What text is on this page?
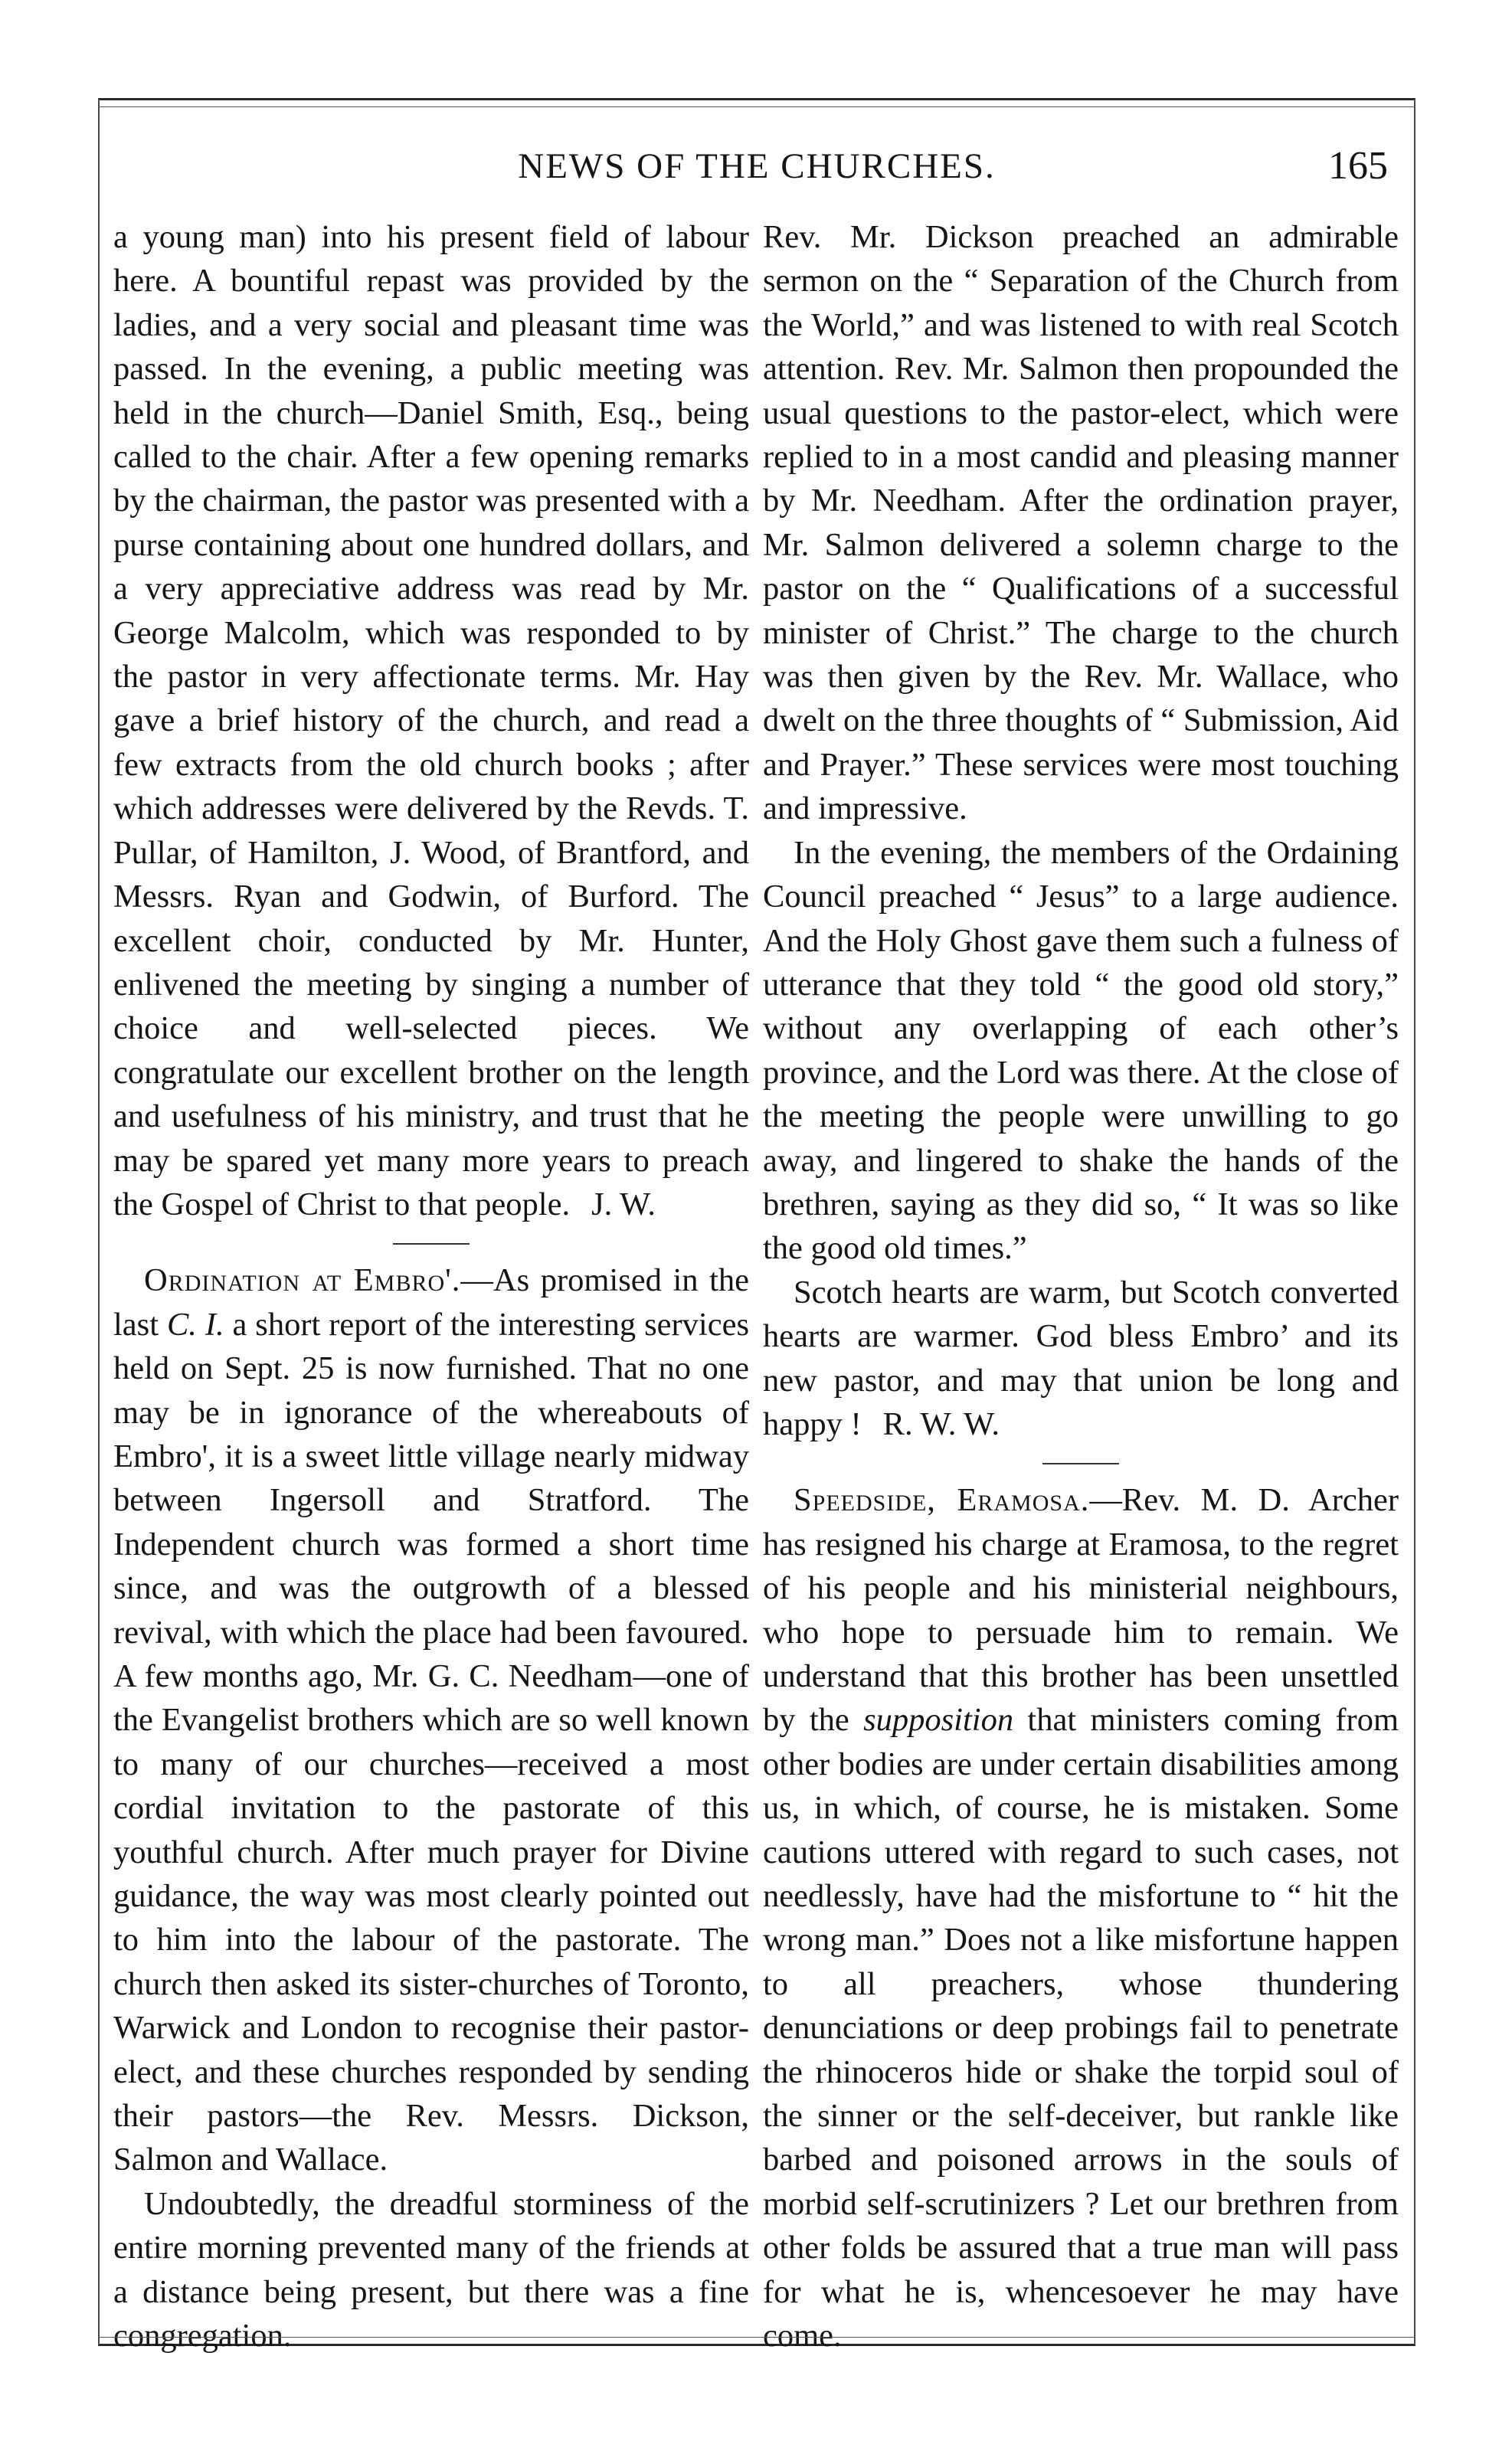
NEWS OF THE CHURCHES.	165

a young man) into his present field of labour here. A bountiful repast was provided by the ladies, and a very social and pleasant time was passed. In the evening, a public meeting was held in the church—Daniel Smith, Esq., being called to the chair. After a few opening remarks by the chairman, the pastor was presented with a purse containing about one hundred dollars, and a very appreciative address was read by Mr. George Malcolm, which was responded to by the pastor in very affectionate terms. Mr. Hay gave a brief history of the church, and read a few extracts from the old church books ; after which addresses were delivered by the Revds. T. Pullar, of Hamilton, J. Wood, of Brantford, and Messrs. Ryan and Godwin, of Burford. The excellent choir, conducted by Mr. Hunter, enlivened the meeting by singing a number of choice and well-selected pieces. We congratulate our excellent brother on the length and usefulness of his ministry, and trust that he may be spared yet many more years to preach the Gospel of Christ to that people. J. W.

Ordination at Embro'.—As promised in the last C. I. a short report of the interesting services held on Sept. 25 is now furnished. That no one may be in ignorance of the whereabouts of Embro', it is a sweet little village nearly midway between Ingersoll and Stratford. The Independent church was formed a short time since, and was the outgrowth of a blessed revival, with which the place had been favoured. A few months ago, Mr. G. C. Needham—one of the Evangelist brothers which are so well known to many of our churches—received a most cordial invitation to the pastorate of this youthful church. After much prayer for Divine guidance, the way was most clearly pointed out to him into the labour of the pastorate. The church then asked its sister-churches of Toronto, Warwick and London to recognise their pastor-elect, and these churches responded by sending their pastors—the Rev. Messrs. Dickson, Salmon and Wallace.

Undoubtedly, the dreadful storminess of the entire morning prevented many of the friends at a distance being present, but there was a fine congregation.

Rev. Mr. Dickson preached an admirable sermon on the “ Separation of the Church from the World,” and was listened to with real Scotch attention. Rev. Mr. Salmon then propounded the usual questions to the pastor-elect, which were replied to in a most candid and pleasing manner by Mr. Needham. After the ordination prayer, Mr. Salmon delivered a solemn charge to the pastor on the “ Qualifications of a successful minister of Christ.” The charge to the church was then given by the Rev. Mr. Wallace, who dwelt on the three thoughts of “ Submission, Aid and Prayer.” These services were most touching and impressive.

In the evening, the members of the Ordaining Council preached “ Jesus” to a large audience. And the Holy Ghost gave them such a fulness of utterance that they told “ the good old story,” without any overlapping of each other’s province, and the Lord was there. At the close of the meeting the people were unwilling to go away, and lingered to shake the hands of the brethren, saying as they did so, “ It was so like the good old times.”

Scotch hearts are warm, but Scotch converted hearts are warmer. God bless Embro’ and its new pastor, and may that union be long and happy ! R. W. W.

Speedside, Eramosa.—Rev. M. D. Archer has resigned his charge at Eramosa, to the regret of his people and his ministerial neighbours, who hope to persuade him to remain. We understand that this brother has been unsettled by the supposition that ministers coming from other bodies are under certain disabilities among us, in which, of course, he is mistaken. Some cautions uttered with regard to such cases, not needlessly, have had the misfortune to “ hit the wrong man.” Does not a like misfortune happen to all preachers, whose thundering denunciations or deep probings fail to penetrate the rhinoceros hide or shake the torpid soul of the sinner or the self-deceiver, but rankle like barbed and poisoned arrows in the souls of morbid self-scrutinizers ? Let our brethren from other folds be assured that a true man will pass for what he is, whencesoever he may have come.
